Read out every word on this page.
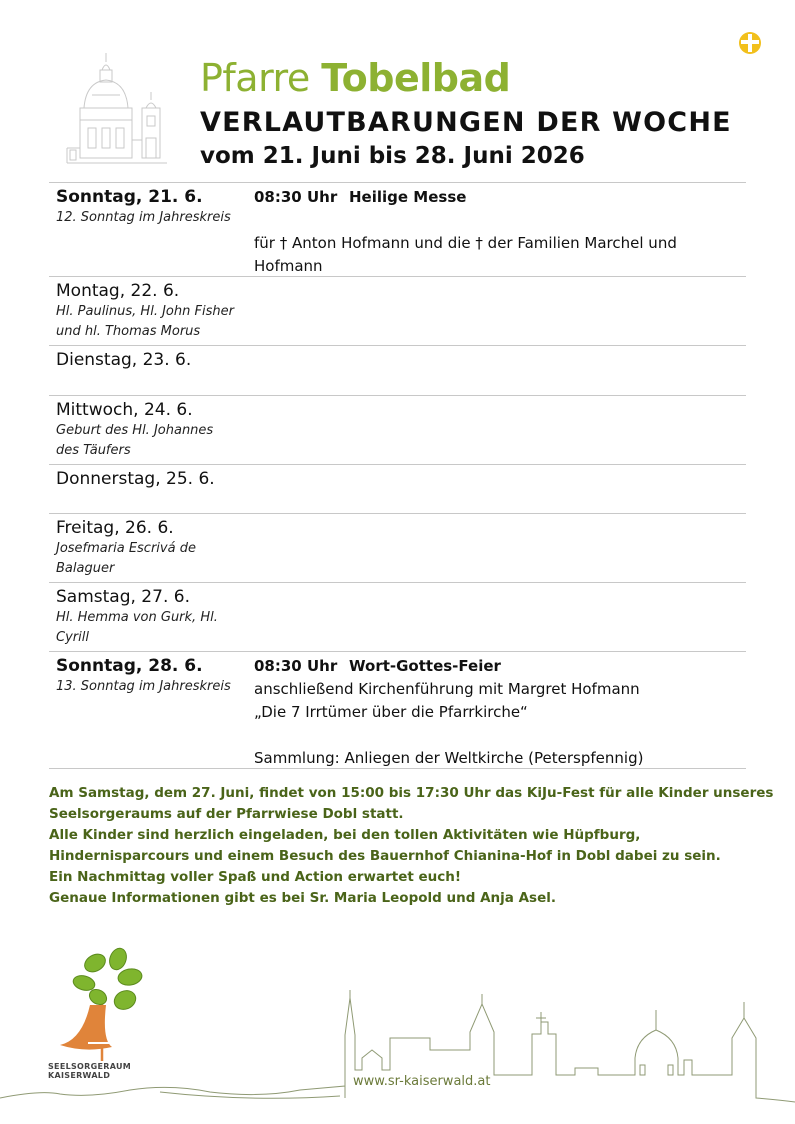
Pfarre Tobelbad
VERLAUTBARUNGEN DER WOCHE
vom 21. Juni bis 28. Juni 2026
Sonntag, 21. 6.
12. Sonntag im Jahreskreis
08:30 Uhr Heilige Messe
für † Anton Hofmann und die † der Familien Marchel und
Hofmann
Montag, 22. 6.
Hl. Paulinus, Hl. John Fisher
und hl. Thomas Morus
Dienstag, 23. 6.
Mittwoch, 24. 6.
Geburt des Hl. Johannes
des Täufers
Donnerstag, 25. 6.
Freitag, 26. 6.
Josefmaria Escrivá de
Balaguer
Samstag, 27. 6.
Hl. Hemma von Gurk, Hl.
Cyrill
Sonntag, 28. 6.
13. Sonntag im Jahreskreis
08:30 Uhr Wort-Gottes-Feier
anschließend Kirchenführung mit Margret Hofmann
„Die 7 Irrtümer über die Pfarrkirche“
Sammlung: Anliegen der Weltkirche (Peterspfennig)
Am Samstag, dem 27. Juni, findet von 15:00 bis 17:30 Uhr das KiJu-Fest für alle Kinder unseres
Seelsorgeraums auf der Pfarrwiese Dobl statt.
Alle Kinder sind herzlich eingeladen, bei den tollen Aktivitäten wie Hüpfburg,
Hindernisparcours und einem Besuch des Bauernhof Chianina-Hof in Dobl dabei zu sein.
Ein Nachmittag voller Spaß und Action erwartet euch!
Genaue Informationen gibt es bei Sr. Maria Leopold und Anja Asel.
SEELSORGERAUM
KAISERWALD	www.sr-kaiserwald.at
